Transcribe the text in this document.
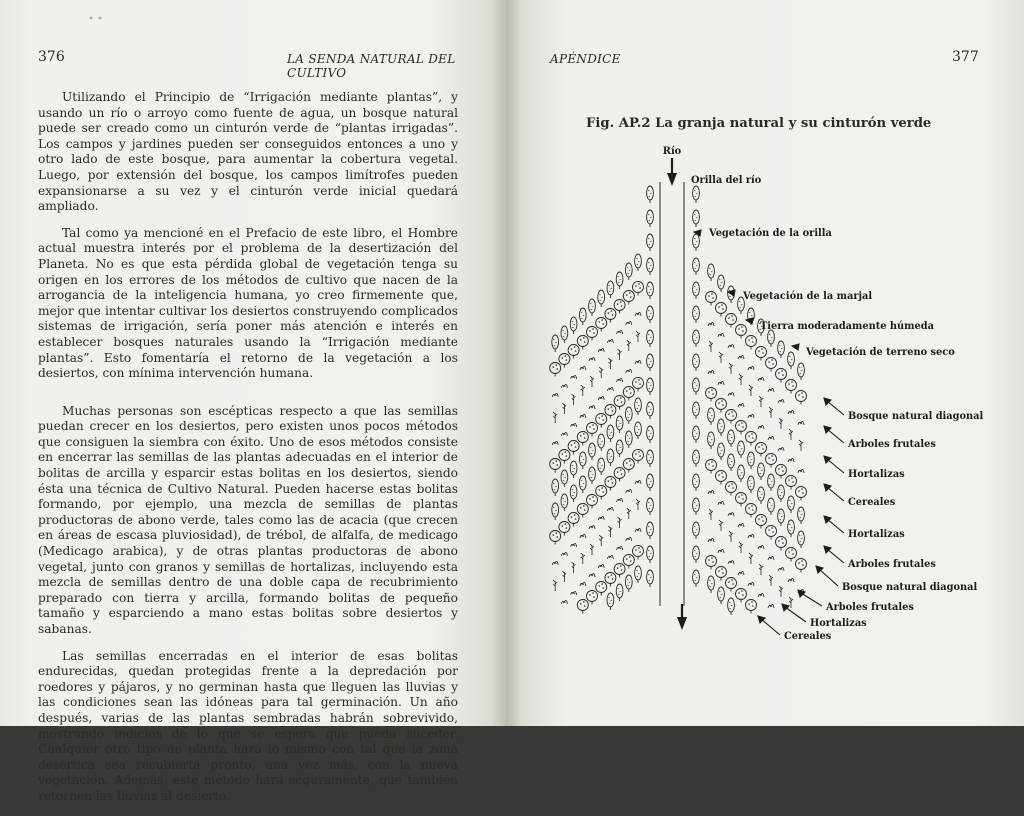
• •
376	LA SENDA NATURAL DEL CULTIVO

Utilizando el Principio de “Irrigación mediante plantas”, y usando un río o arroyo como fuente de agua, un bosque natural puede ser creado como un cinturón verde de “plantas irrigadas”. Los campos y jardines pueden ser conseguidos entonces a uno y otro lado de este bosque, para aumentar la cobertura vegetal. Luego, por extensión del bosque, los campos limítrofes pueden expansionarse a su vez y el cinturón verde inicial quedará ampliado.

Tal como ya mencioné en el Prefacio de este libro, el Hombre actual muestra interés por el problema de la desertización del Planeta. No es que esta pérdida global de vegetación tenga su origen en los errores de los métodos de cultivo que nacen de la arrogancia de la inteligencia humana, yo creo firmemente que, mejor que intentar cultivar los desiertos construyendo complicados sistemas de irrigación, sería poner más atención e interés en establecer bosques naturales usando la “Irrigación mediante plantas”. Esto fomentaría el retorno de la vegetación a los desiertos, con mínima intervención humana.

Muchas personas son escépticas respecto a que las semillas puedan crecer en los desiertos, pero existen unos pocos métodos que consiguen la siembra con éxito. Uno de esos métodos consiste en encerrar las semillas de las plantas adecuadas en el interior de bolitas de arcilla y esparcir estas bolitas en los desiertos, siendo ésta una técnica de Cultivo Natural. Pueden hacerse estas bolitas formando, por ejemplo, una mezcla de semillas de plantas productoras de abono verde, tales como las de acacia (que crecen en áreas de escasa pluviosidad), de trébol, de alfalfa, de medicago (Medicago arabica), y de otras plantas productoras de abono vegetal, junto con granos y semillas de hortalizas, incluyendo esta mezcla de semillas dentro de una doble capa de recubrimiento preparado con tierra y arcilla, formando bolitas de pequeño tamaño y esparciendo a mano estas bolitas sobre desiertos y sabanas.

Las semillas encerradas en el interior de esas bolitas endurecidas, quedan protegidas frente a la depredación por roedores y pájaros, y no germinan hasta que lleguen las lluvias y las condiciones sean las idóneas para tal germinación. Un año después, varias de las plantas sembradas habrán sobrevivido, mostrando indicios de lo que se espera que pueda suceder. Cualquier otro tipo de planta hará lo mismo con tal que la zona desértica sea recubierta pronto, una vez más, con la nueva vegetación. Además, este método hará seguramente, que también retornen las lluvias al desierto.

APÉNDICE	377
Fig. AP.2 La granja natural y su cinturón verde
Río
Orilla del río
Vegetación de la orilla
Vegetación de la marjal
Tierra moderadamente húmeda
Vegetación de terreno seco
Bosque natural diagonal
Arboles frutales
Hortalizas
Cereales
Hortalizas
Arboles frutales
Bosque natural diagonal
Arboles frutales
Hortalizas
Cereales
